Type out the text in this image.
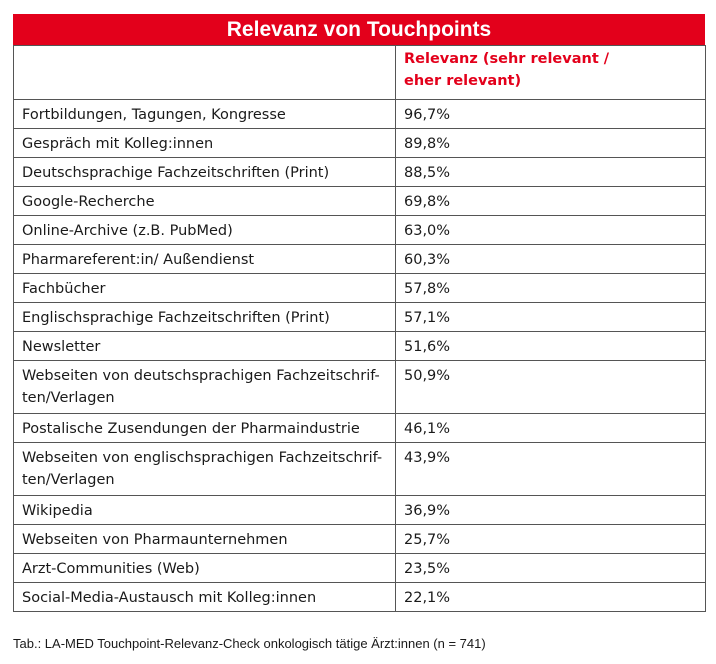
Relevanz von Touchpoints

	Relevanz (sehr relevant /
eher relevant)

Fortbildungen, Tagungen, Kongresse	96,7%

Gespräch mit Kolleg:innen	89,8%

Deutschsprachige Fachzeitschriften (Print)	88,5%

Google-Recherche	69,8%

Online-Archive (z.B. PubMed)	63,0%

Pharmareferent:in/ Außendienst	60,3%

Fachbücher	57,8%

Englischsprachige Fachzeitschriften (Print)	57,1%

Newsletter	51,6%

Webseiten von deutschsprachigen Fachzeitschrif-
ten/Verlagen	50,9%

Postalische Zusendungen der Pharmaindustrie	46,1%

Webseiten von englischsprachigen Fachzeitschrif-
ten/Verlagen	43,9%

Wikipedia	36,9%

Webseiten von Pharmaunternehmen	25,7%

Arzt-Communities (Web)	23,5%

Social-Media-Austausch mit Kolleg:innen	22,1%
Tab.: LA-MED Touchpoint-Relevanz-Check onkologisch tätige Ärzt:innen (n = 741)
